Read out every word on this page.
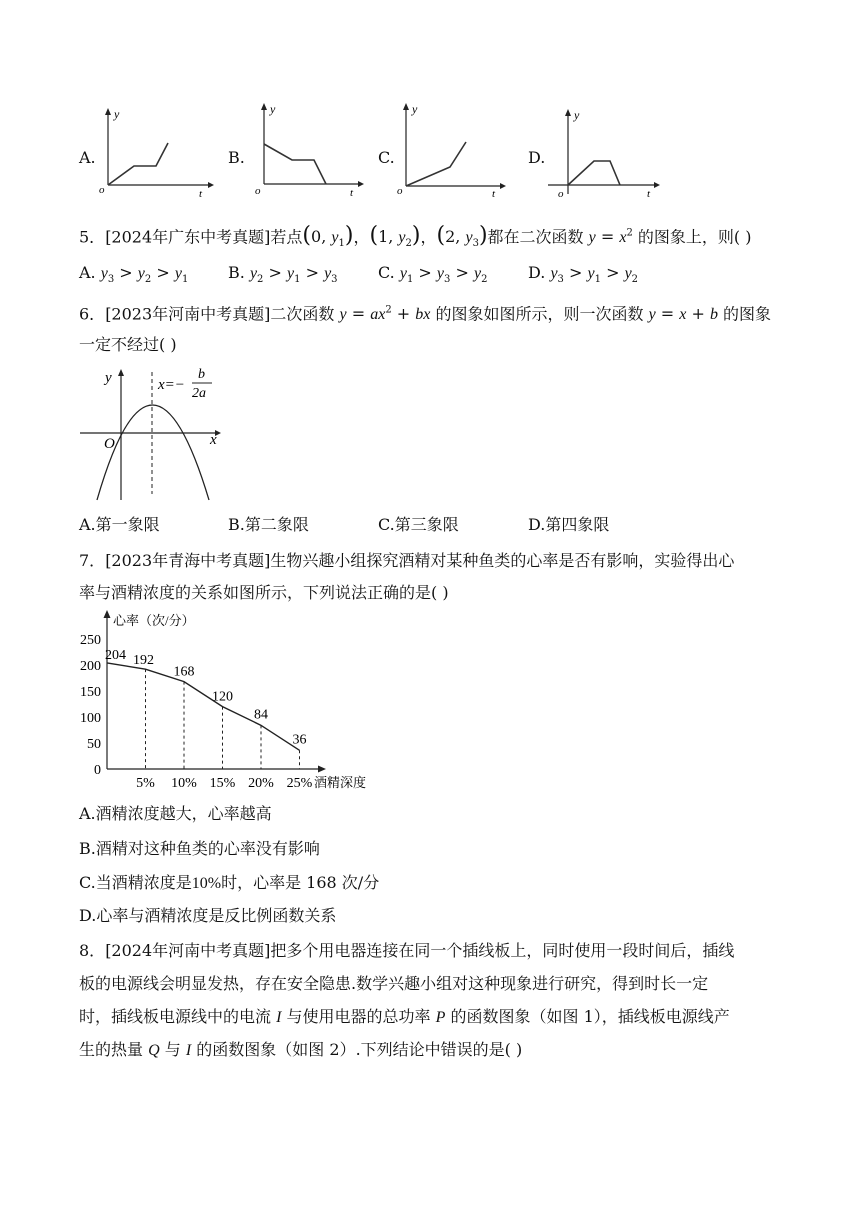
A.
y
t
o
B.
y
t
o
C.
y
t
o
D.
y
t
o
5．[2024年广东中考真题]若点(0, $y_1$)，(1, $y_2$)，(2, $y_3$)都在二次函数 $y = x^2$ 的图象上，则( )
A. $y_3 > y_2 > y_1$ B. $y_2 > y_1 > y_3$	C. $y_1 > y_3 > y_2$	D. $y_3 > y_1 > y_2$
6．[2023年河南中考真题]二次函数 $y = ax^2$ + bx 的图象如图所示，则一次函数 y = x + b 的图象
一定不经过( )
y
x
O
x=−
b
2a
A.第一象限	B.第二象限	C.第三象限	D.第四象限
7．[2023年青海中考真题]生物兴趣小组探究酒精对某种鱼类的心率是否有影响，实验得出心
率与酒精浓度的关系如图所示，下列说法正确的是( )
心率（次/分）
酒精深度
0
50
100
150
200
250
5% 10% 15% 20% 25%
204 192
168
120
84
36
A.酒精浓度越大，心率越高
B.酒精对这种鱼类的心率没有影响
C.当酒精浓度是10%时，心率是 168 次/分
D.心率与酒精浓度是反比例函数关系
8．[2024年河南中考真题]把多个用电器连接在同一个插线板上，同时使用一段时间后，插线
板的电源线会明显发热，存在安全隐患.数学兴趣小组对这种现象进行研究，得到时长一定
时，插线板电源线中的电流 I 与使用电器的总功率 P 的函数图象（如图 1），插线板电源线产
生的热量 Q 与 I 的函数图象（如图 2）.下列结论中错误的是( )
